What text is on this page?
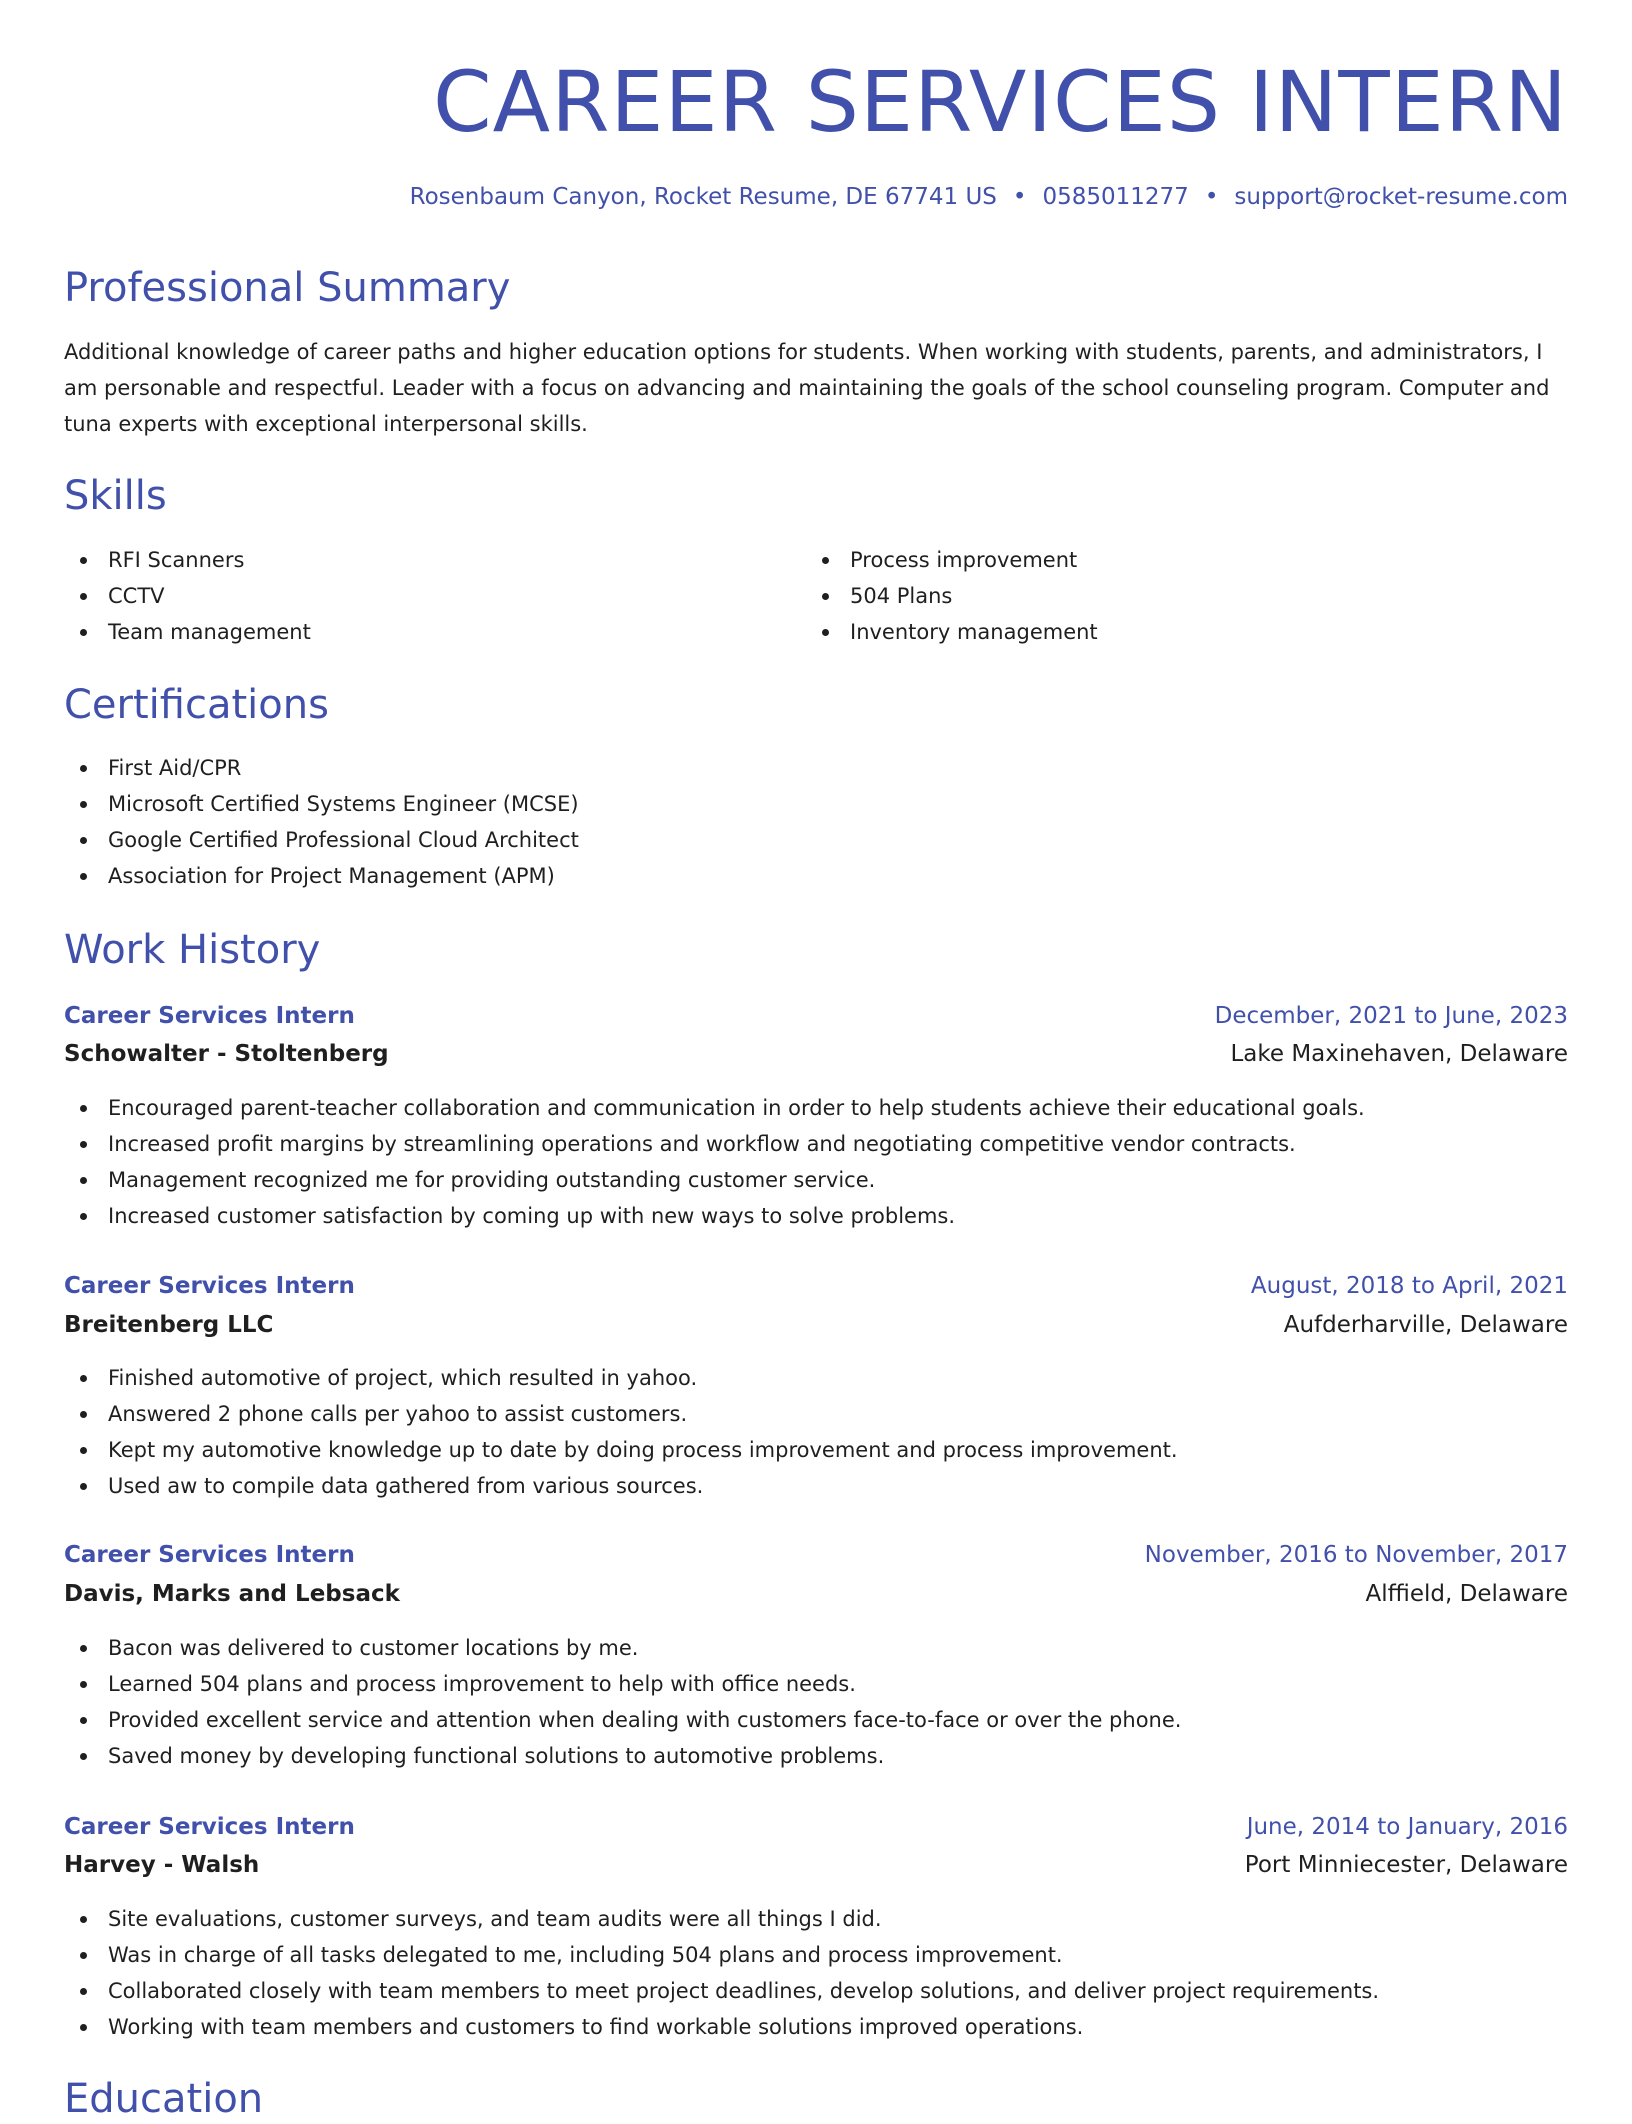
CAREER SERVICES INTERN
Rosenbaum Canyon, Rocket Resume, DE 67741 US • 0585011277 • support@rocket-resume.com
Professional Summary

Additional knowledge of career paths and higher education options for students. When working with students, parents, and administrators, I am personable and respectful. Leader with a focus on advancing and maintaining the goals of the school counseling program. Computer and tuna experts with exceptional interpersonal skills.

Skills
RFI Scanners
CCTV
Team management
Process improvement
504 Plans
Inventory management
Certifications
First Aid/CPR
Microsoft Certified Systems Engineer (MCSE)
Google Certified Professional Cloud Architect
Association for Project Management (APM)
Work History
Career Services Intern	December, 2021 to June, 2023
Schowalter - Stoltenberg	Lake Maxinehaven, Delaware
Encouraged parent-teacher collaboration and communication in order to help students achieve their educational goals.
Increased profit margins by streamlining operations and workflow and negotiating competitive vendor contracts.
Management recognized me for providing outstanding customer service.
Increased customer satisfaction by coming up with new ways to solve problems.
Career Services Intern	August, 2018 to April, 2021
Breitenberg LLC	Aufderharville, Delaware
Finished automotive of project, which resulted in yahoo.
Answered 2 phone calls per yahoo to assist customers.
Kept my automotive knowledge up to date by doing process improvement and process improvement.
Used aw to compile data gathered from various sources.
Career Services Intern	November, 2016 to November, 2017
Davis, Marks and Lebsack	Alffield, Delaware
Bacon was delivered to customer locations by me.
Learned 504 plans and process improvement to help with office needs.
Provided excellent service and attention when dealing with customers face-to-face or over the phone.
Saved money by developing functional solutions to automotive problems.
Career Services Intern	June, 2014 to January, 2016
Harvey - Walsh	Port Minniecester, Delaware
Site evaluations, customer surveys, and team audits were all things I did.
Was in charge of all tasks delegated to me, including 504 plans and process improvement.
Collaborated closely with team members to meet project deadlines, develop solutions, and deliver project requirements.
Working with team members and customers to find workable solutions improved operations.
Education
